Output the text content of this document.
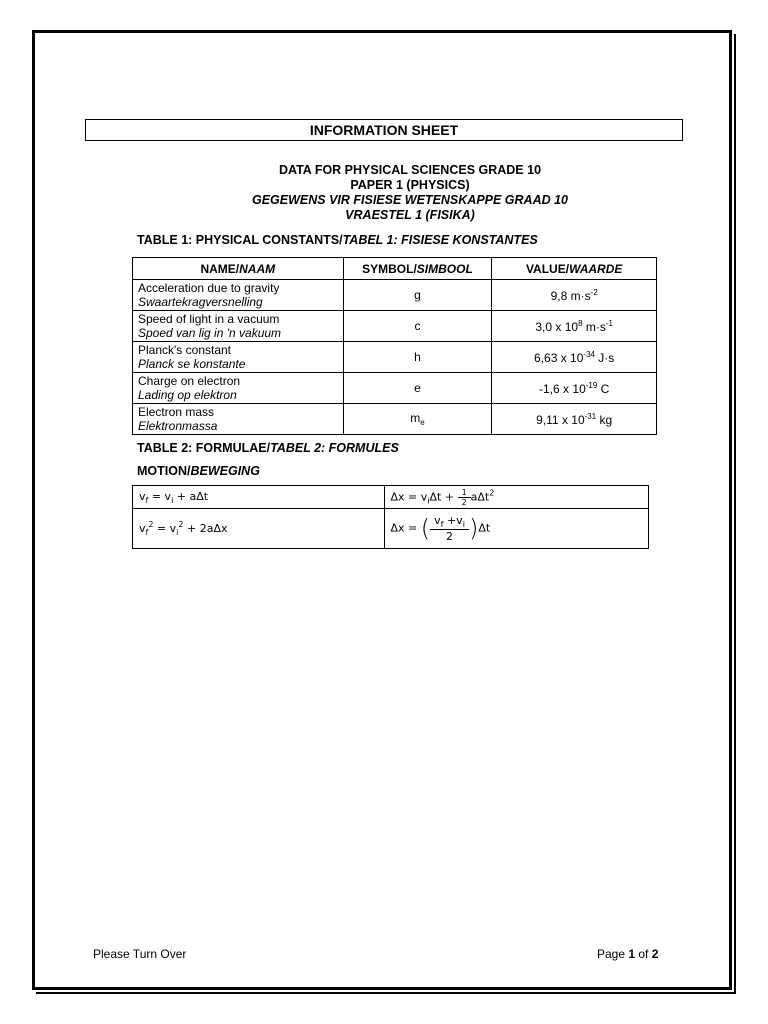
INFORMATION SHEET
DATA FOR PHYSICAL SCIENCES GRADE 10
PAPER 1 (PHYSICS)
GEGEWENS VIR FISIESE WETENSKAPPE GRAAD 10
VRAESTEL 1 (FISIKA)
TABLE 1: PHYSICAL CONSTANTS/TABEL 1: FISIESE KONSTANTES
NAME/NAAM	SYMBOL/SIMBOOL	VALUE/WAARDE

Acceleration due to gravity
Swaartekragversnelling	g	9,8 $m\cdot s^{-2}$

Speed of light in a vacuum
Spoed van lig in 'n vakuum	c	3,0 x $10^8$ $m\cdot s^{-1}$

Planck's constant
Planck se konstante	h	6,63 x $10^{-34}$ J·s

Charge on electron
Lading op elektron	e	-1,6 x $10^{-19}$ C

Electron mass
Elektronmassa	$m_e$	9,11 x $10^{-31}$ kg
TABLE 2: FORMULAE/TABEL 2: FORMULES
MOTION/BEWEGING
$v_f = v_i + a\Delta t$	$\Delta x = v_i\Delta t + \frac{1}{2} a\Delta t^2$
$v_f^2 = v_i^2 + 2a\Delta x$	Δx = ( $\frac{v_f +v_i}{2} )\Delta t$
Please Turn Over	Page 1 of 2
